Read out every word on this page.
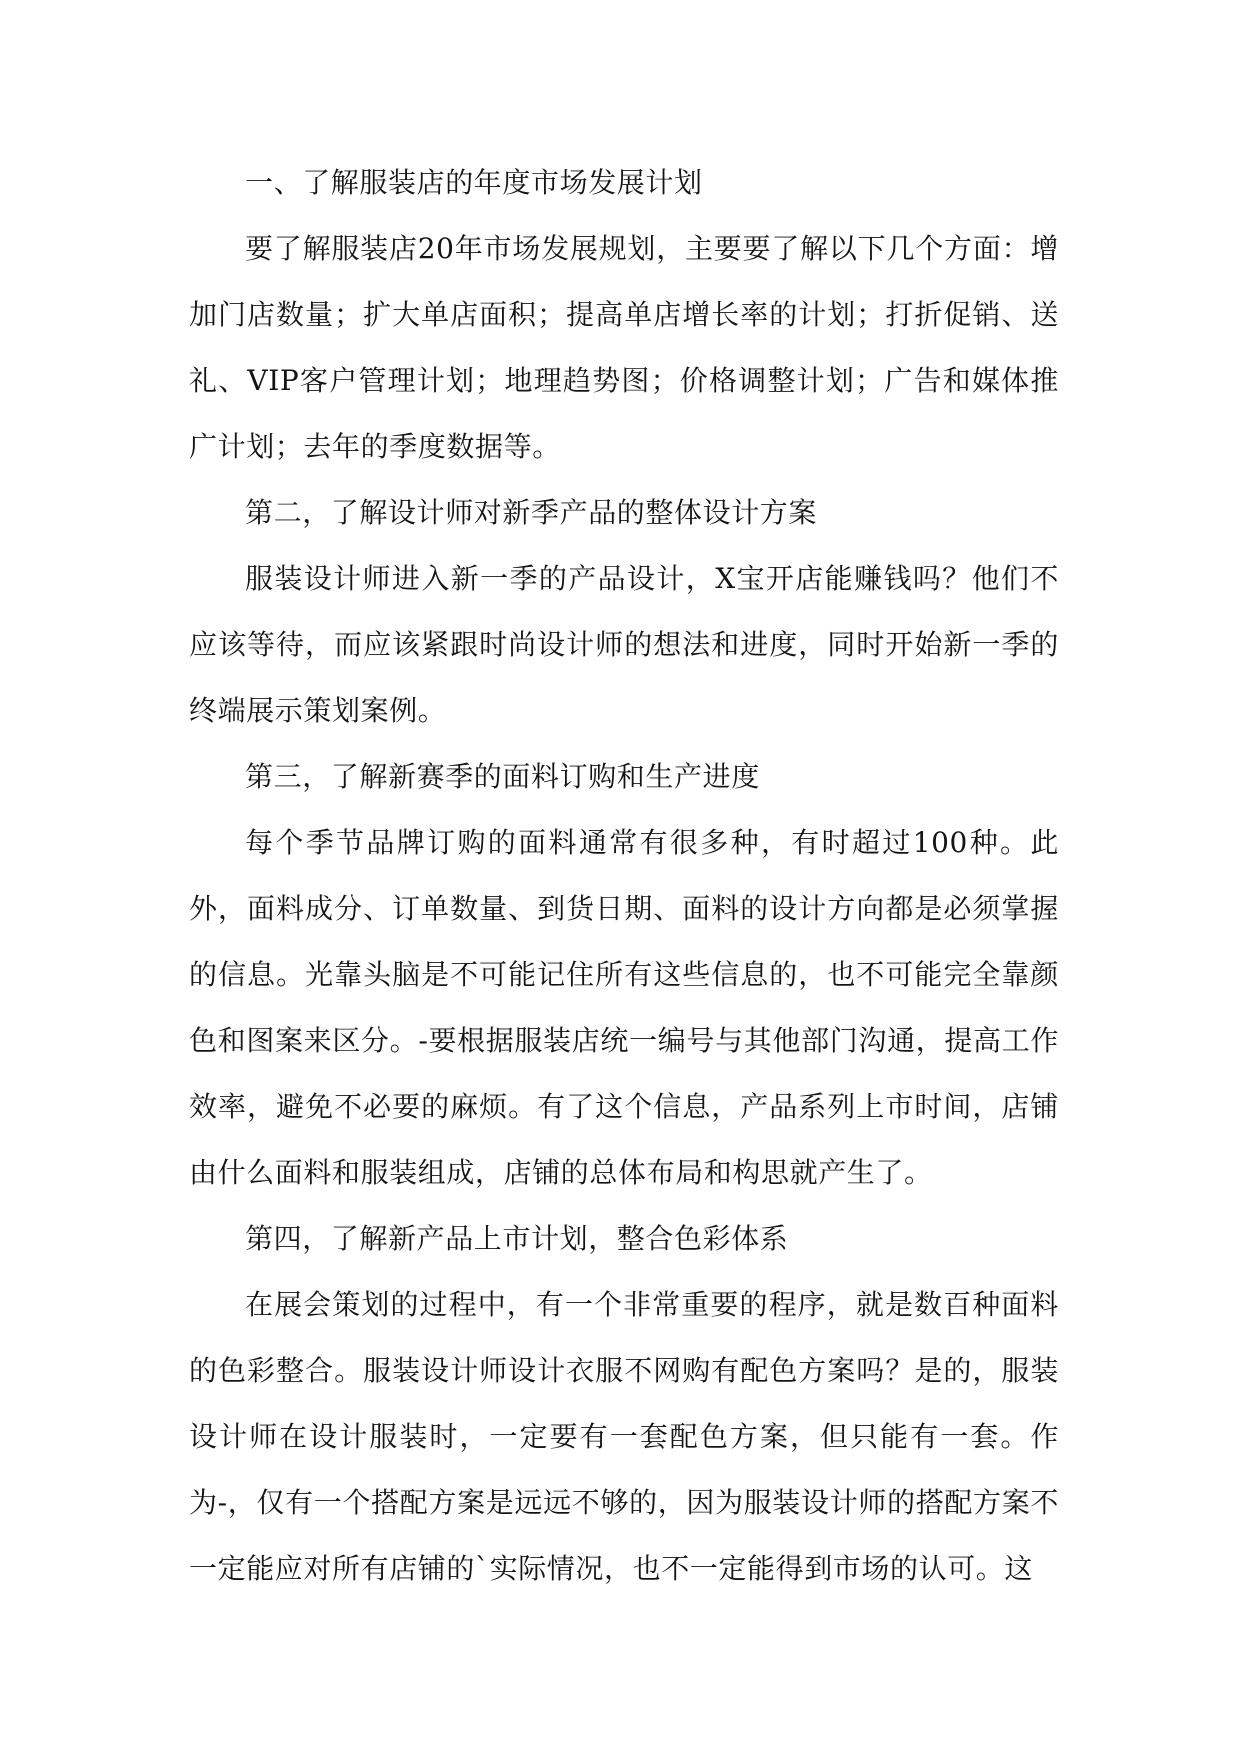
一、了解服装店的年度市场发展计划

要了解服装店20年市场发展规划，主要要了解以下几个方面：增加门店数量；扩大单店面积；提高单店增长率的计划；打折促销、送礼、VIP客户管理计划；地理趋势图；价格调整计划；广告和媒体推广计划；去年的季度数据等。

第二，了解设计师对新季产品的整体设计方案

服装设计师进入新一季的产品设计，X宝开店能赚钱吗？他们不应该等待，而应该紧跟时尚设计师的想法和进度，同时开始新一季的终端展示策划案例。

第三，了解新赛季的面料订购和生产进度

每个季节品牌订购的面料通常有很多种，有时超过100种。此外，面料成分、订单数量、到货日期、面料的设计方向都是必须掌握的信息。光靠头脑是不可能记住所有这些信息的，也不可能完全靠颜色和图案来区分。-要根据服装店统一编号与其他部门沟通，提高工作效率，避免不必要的麻烦。有了这个信息，产品系列上市时间，店铺由什么面料和服装组成，店铺的总体布局和构思就产生了。

第四，了解新产品上市计划，整合色彩体系

在展会策划的过程中，有一个非常重要的程序，就是数百种面料的色彩整合。服装设计师设计衣服不网购有配色方案吗？是的，服装设计师在设计服装时，一定要有一套配色方案，但只能有一套。作为-，仅有一个搭配方案是远远不够的，因为服装设计师的搭配方案不一定能应对所有店铺的`实际情况，也不一定能得到市场的认可。这
